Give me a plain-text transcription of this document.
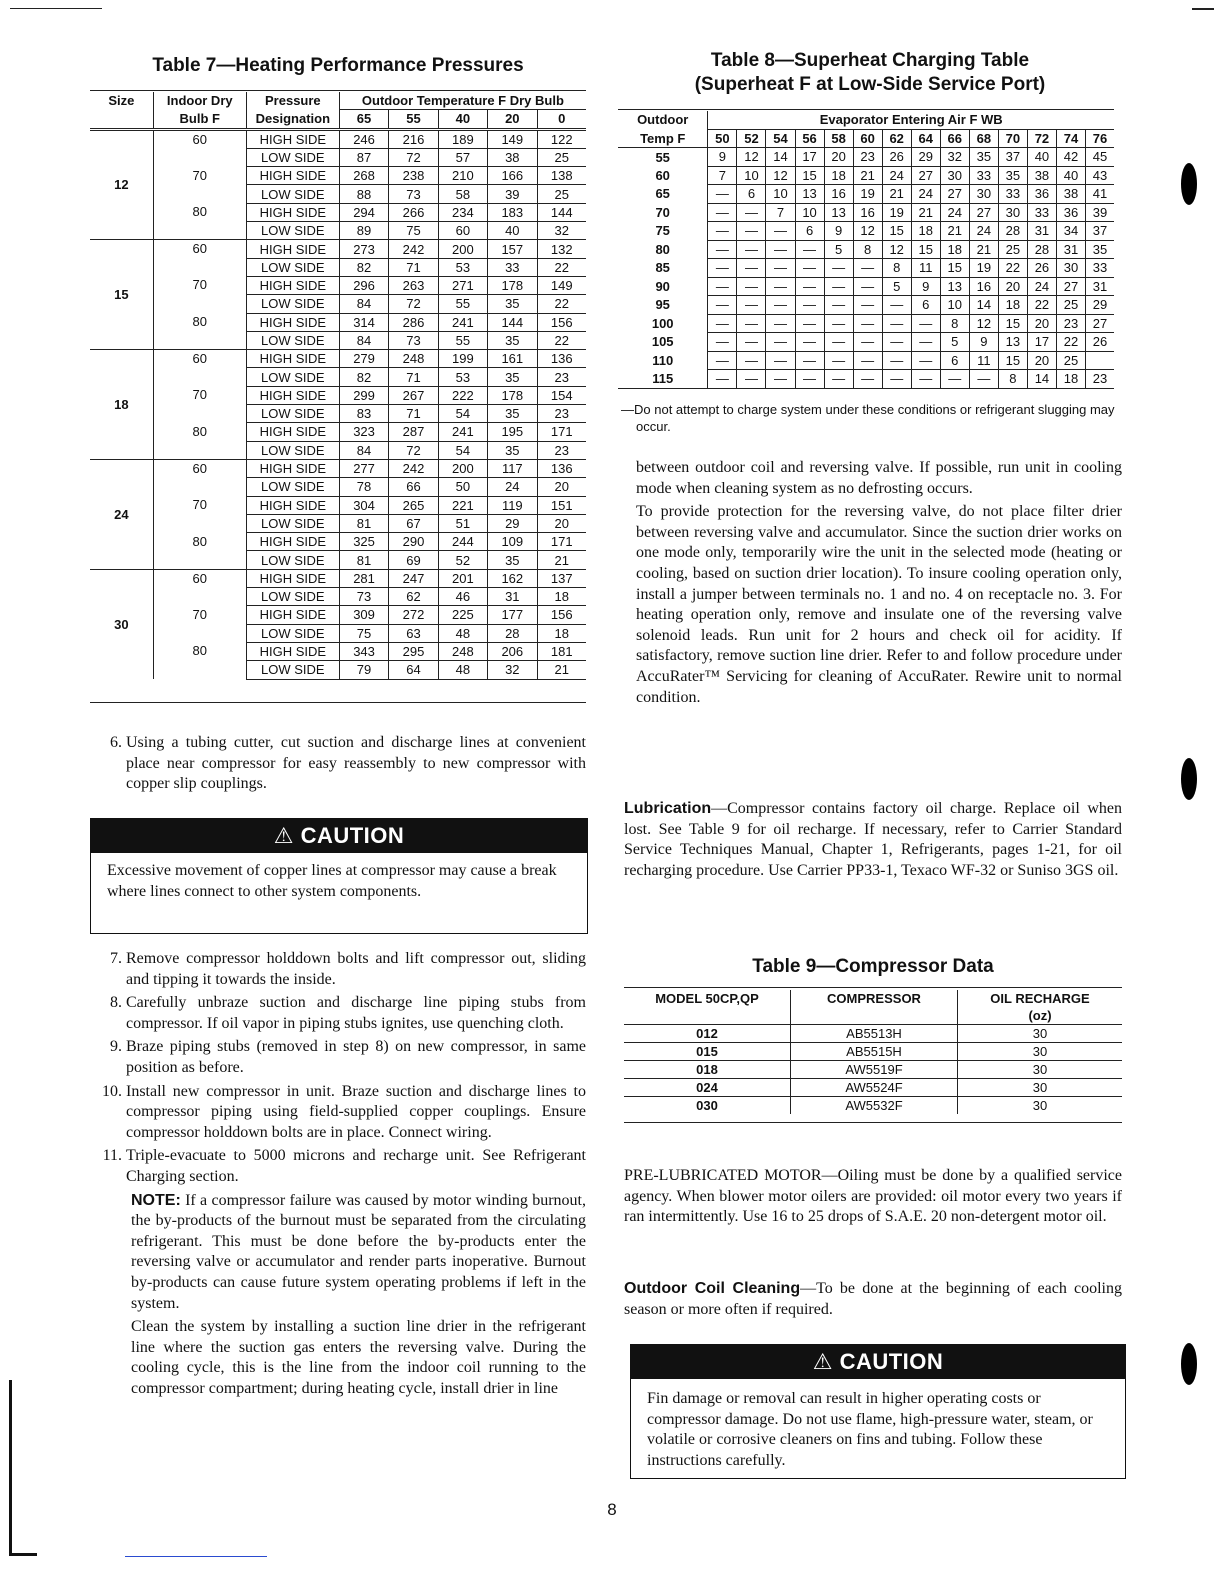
Table 7—Heating Performance Pressures
Size	Indoor Dry	Pressure	Outdoor Temperature F Dry Bulb				
	Bulb F	Designation	65	55	40	20	0

12	60	HIGH SIDE	246	216	189	149	122
		LOW SIDE	87	72	57	38	25
	70	HIGH SIDE	268	238	210	166	138
		LOW SIDE	88	73	58	39	25
	80	HIGH SIDE	294	266	234	183	144
		LOW SIDE	89	75	60	40	32
15	60	HIGH SIDE	273	242	200	157	132
		LOW SIDE	82	71	53	33	22
	70	HIGH SIDE	296	263	271	178	149
		LOW SIDE	84	72	55	35	22
	80	HIGH SIDE	314	286	241	144	156
		LOW SIDE	84	73	55	35	22
18	60	HIGH SIDE	279	248	199	161	136
		LOW SIDE	82	71	53	35	23
	70	HIGH SIDE	299	267	222	178	154
		LOW SIDE	83	71	54	35	23
	80	HIGH SIDE	323	287	241	195	171
		LOW SIDE	84	72	54	35	23
24	60	HIGH SIDE	277	242	200	117	136
		LOW SIDE	78	66	50	24	20
	70	HIGH SIDE	304	265	221	119	151
		LOW SIDE	81	67	51	29	20
	80	HIGH SIDE	325	290	244	109	171
		LOW SIDE	81	69	52	35	21
30	60	HIGH SIDE	281	247	201	162	137
		LOW SIDE	73	62	46	31	18
	70	HIGH SIDE	309	272	225	177	156
		LOW SIDE	75	63	48	28	18
	80	HIGH SIDE	343	295	248	206	181
		LOW SIDE	79	64	48	32	21
6. Using a tubing cutter, cut suction and discharge lines at convenient place near compressor for easy reassembly to new compressor with copper slip couplings.
⚠ CAUTION
Excessive movement of copper lines at compressor may cause a break where lines connect to other system components.
7. Remove compressor holddown bolts and lift compressor out, sliding and tipping it towards the inside.
8. Carefully unbraze suction and discharge line piping stubs from compressor. If oil vapor in piping stubs ignites, use quenching cloth.
9. Braze piping stubs (removed in step 8) on new compressor, in same position as before.
10. Install new compressor in unit. Braze suction and discharge lines to compressor piping using field-supplied copper couplings. Ensure compressor holddown bolts are in place. Connect wiring.
11. Triple-evacuate to 5000 microns and recharge unit. See Refrigerant Charging section.
NOTE: If a compressor failure was caused by motor winding burnout, the by-products of the burnout must be separated from the circulating refrigerant. This must be done before the by-products enter the reversing valve or accumulator and render parts inoperative. Burnout by-products can cause future system operating problems if left in the system.
Clean the system by installing a suction line drier in the refrigerant line where the suction gas enters the reversing valve. During the cooling cycle, this is the line from the indoor coil running to the compressor compartment; during heating cycle, install drier in line
Table 8—Superheat Charging Table
(Superheat F at Low-Side Service Port)
Outdoor	Evaporator Entering Air F WB													
Temp F	50	52	54	56	58	60	62	64	66	68	70	72	74	76
55	9	12	14	17	20	23	26	29	32	35	37	40	42	45
60	7	10	12	15	18	21	24	27	30	33	35	38	40	43
65	—	6	10	13	16	19	21	24	27	30	33	36	38	41
70	—	—	7	10	13	16	19	21	24	27	30	33	36	39
75	—	—	—	6	9	12	15	18	21	24	28	31	34	37
80	—	—	—	—	5	8	12	15	18	21	25	28	31	35
85	—	—	—	—	—	—	8	11	15	19	22	26	30	33
90	—	—	—	—	—	—	5	9	13	16	20	24	27	31
95	—	—	—	—	—	—	—	6	10	14	18	22	25	29
100	—	—	—	—	—	—	—	—	8	12	15	20	23	27
105	—	—	—	—	—	—	—	—	5	9	13	17	22	26
110	—	—	—	—	—	—	—	—	6	11	15	20	25	
115	—	—	—	—	—	—	—	—	—	—	8	14	18	23
—Do not attempt to charge system under these conditions or refrigerant slugging may occur.
between outdoor coil and reversing valve. If possible, run unit in cooling mode when cleaning system as no defrosting occurs.
To provide protection for the reversing valve, do not place filter drier between reversing valve and accumulator. Since the suction drier works on one mode only, temporarily wire the unit in the selected mode (heating or cooling, based on suction drier location). To insure cooling operation only, install a jumper between terminals no. 1 and no. 4 on receptacle no. 3. For heating operation only, remove and insulate one of the reversing valve solenoid leads. Run unit for 2 hours and check oil for acidity. If satisfactory, remove suction line drier. Refer to and follow procedure under AccuRater™ Servicing for cleaning of AccuRater. Rewire unit to normal condition.
Lubrication—Compressor contains factory oil charge. Replace oil when lost. See Table 9 for oil recharge. If necessary, refer to Carrier Standard Service Techniques Manual, Chapter 1, Refrigerants, pages 1-21, for oil recharging procedure. Use Carrier PP33-1, Texaco WF-32 or Suniso 3GS oil.
Table 9—Compressor Data
MODEL 50CP,QP	COMPRESSOR	OIL RECHARGE
(oz)
012	AB5513H	30
015	AB5515H	30
018	AW5519F	30
024	AW5524F	30
030	AW5532F	30
PRE-LUBRICATED MOTOR—Oiling must be done by a qualified service agency. When blower motor oilers are provided: oil motor every two years if ran intermittently. Use 16 to 25 drops of S.A.E. 20 non-detergent motor oil.
Outdoor Coil Cleaning—To be done at the beginning of each cooling season or more often if required.
⚠ CAUTION
Fin damage or removal can result in higher operating costs or compressor damage. Do not use flame, high-pressure water, steam, or volatile or corrosive cleaners on fins and tubing. Follow these instructions carefully.
8
